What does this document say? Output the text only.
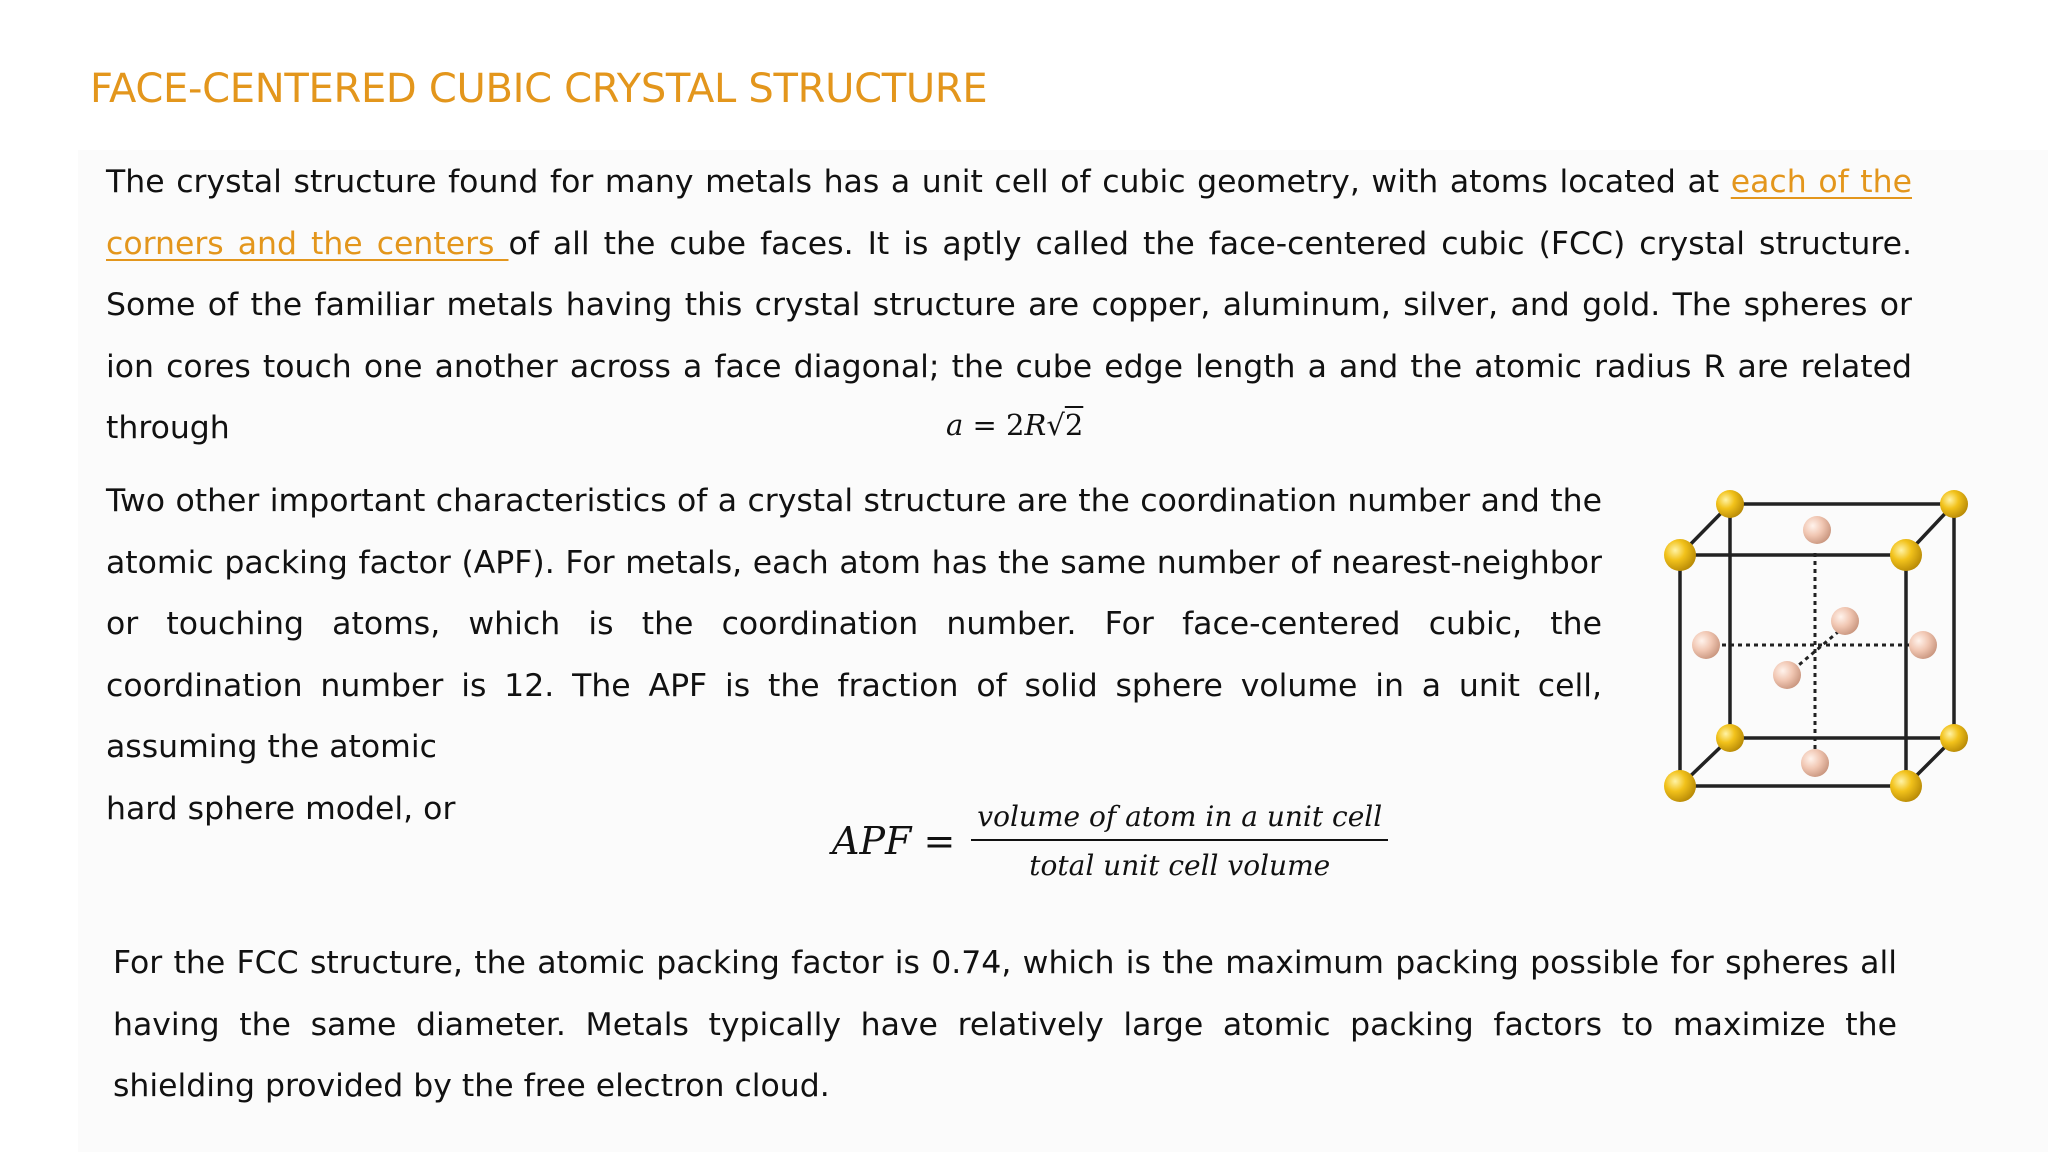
FACE-CENTERED CUBIC CRYSTAL STRUCTURE
The crystal structure found for many metals has a unit cell of cubic geometry, with atoms located at each of the corners and the centers of all the cube faces. It is aptly called the face-centered cubic (FCC) crystal structure. Some of the familiar metals having this crystal structure are copper, aluminum, silver, and gold. The spheres or ion cores touch one another across a face diagonal; the cube edge length a and the atomic radius R are related through	a = 2R√2
Two other important characteristics of a crystal structure are the coordination number and the atomic packing factor (APF). For metals, each atom has the same number of nearest-neighbor or touching atoms, which is the coordination number. For face-centered cubic, the coordination number is 12. The APF is the fraction of solid sphere volume in a unit cell, assuming the atomic
hard sphere model, or
APF = $\frac{\text{volume of atom in a unit cell}}{\text{total unit cell volume}}$
For the FCC structure, the atomic packing factor is 0.74, which is the maximum packing possible for spheres all having the same diameter. Metals typically have relatively large atomic packing factors to maximize the shielding provided by the free electron cloud.
